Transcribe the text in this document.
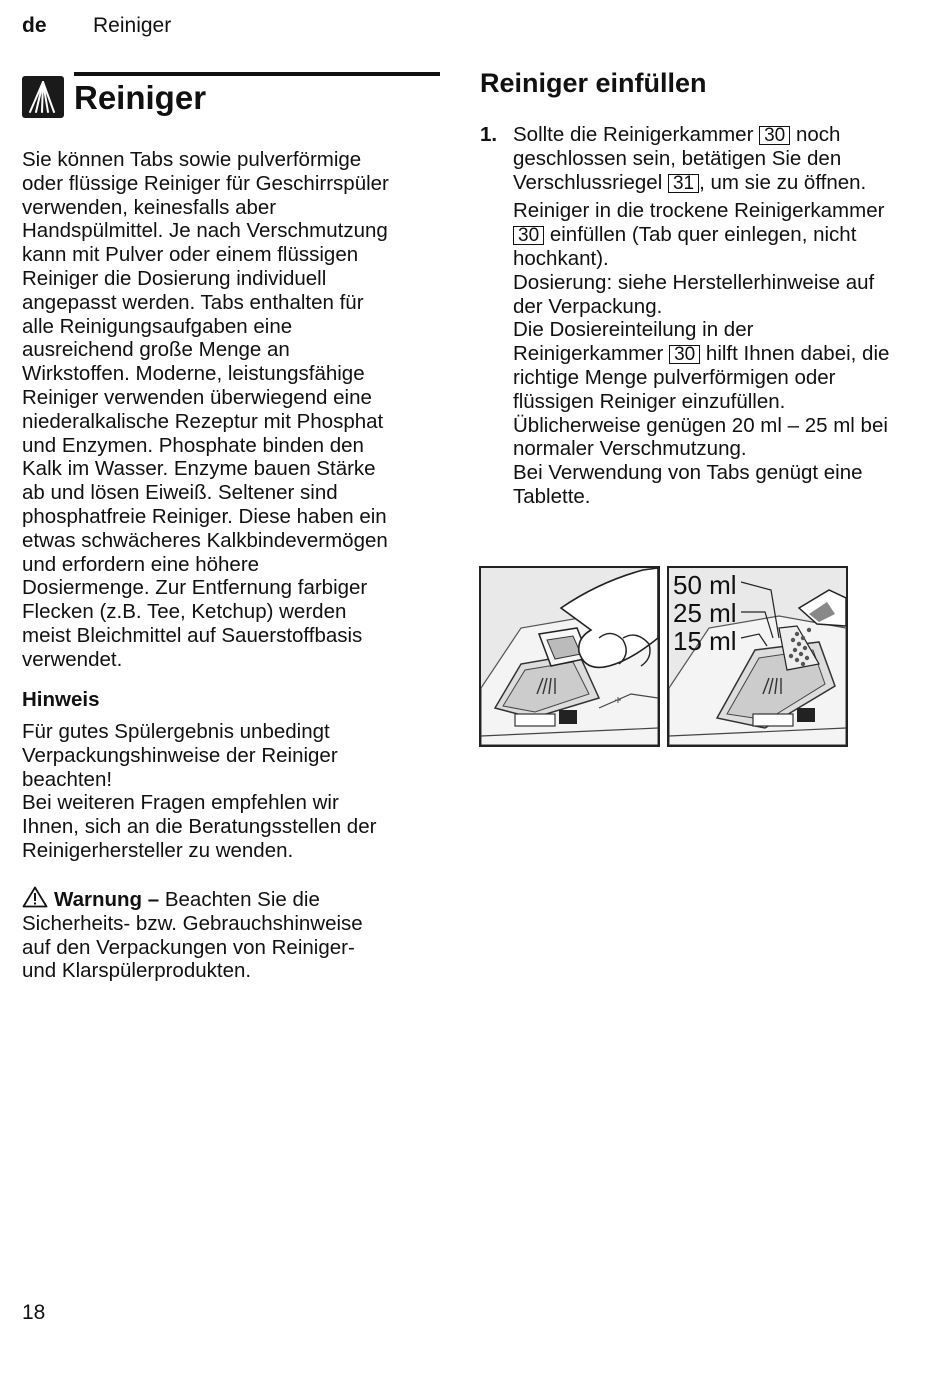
de Reiniger
Reiniger
Sie können Tabs sowie pulverförmige
oder flüssige Reiniger für Geschirrspüler
verwenden, keinesfalls aber
Handspülmittel. Je nach Verschmutzung
kann mit Pulver oder einem flüssigen
Reiniger die Dosierung individuell
angepasst werden. Tabs enthalten für
alle Reinigungsaufgaben eine
ausreichend große Menge an
Wirkstoffen. Moderne, leistungsfähige
Reiniger verwenden überwiegend eine
niederalkalische Rezeptur mit Phosphat
und Enzymen. Phosphate binden den
Kalk im Wasser. Enzyme bauen Stärke
ab und lösen Eiweiß. Seltener sind
phosphatfreie Reiniger. Diese haben ein
etwas schwächeres Kalkbindevermögen
und erfordern eine höhere
Dosiermenge. Zur Entfernung farbiger
Flecken (z.B. Tee, Ketchup) werden
meist Bleichmittel auf Sauerstoffbasis
verwendet.
Hinweis
Für gutes Spülergebnis unbedingt
Verpackungshinweise der Reiniger
beachten!
Bei weiteren Fragen empfehlen wir
Ihnen, sich an die Beratungsstellen der
Reinigerhersteller zu wenden.
Warnung – Beachten Sie die
Sicherheits- bzw. Gebrauchshinweise
auf den Verpackungen von Reiniger-
und Klarspülerprodukten.
Reiniger einfüllen
1. Sollte die Reinigerkammer 30 noch geschlossen sein, betätigen Sie den Verschlussriegel 31 , um sie zu öffnen.

Reiniger in die trockene Reinigerkammer 30 einfüllen (Tab quer einlegen, nicht hochkant).

Dosierung: siehe Herstellerhinweise auf der Verpackung.

Die Dosiereinteilung in der Reinigerkammer 30 hilft Ihnen dabei, die richtige Menge pulverförmigen oder flüssigen Reiniger einzufüllen.

Üblicherweise genügen 20 ml – 25 ml bei normaler Verschmutzung.

Bei Verwendung von Tabs genügt eine Tablette.

50 ml
25 ml
15 ml
18
